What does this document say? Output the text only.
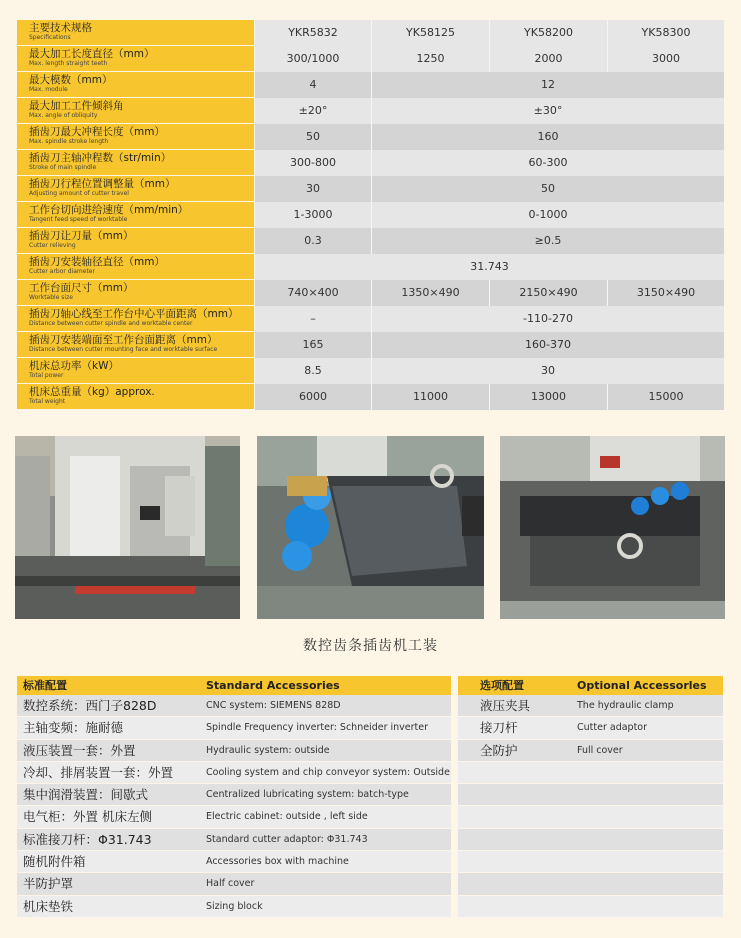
主要技术规格
Specifications	YKR5832	YK58125	YK58200	YK58300
最大加工长度直径（mm）
Max. length straight teeth	300/1000	1250	2000	3000
最大模数（mm）
Max. module	4	12
最大加工工件倾斜角
Max. angle of obliquity	±20°	±30°
插齿刀最大冲程长度（mm）
Max. spindle stroke length	50	160
插齿刀主轴冲程数（str/min）
Stroke of main spindle	300-800	60-300
插齿刀行程位置调整量（mm）
Adjusting amount of cutter travel	30	50
工作台切向进给速度（mm/min）
Tangent feed speed of worktable	1-3000	0-1000
插齿刀让刀量（mm）
Cutter relieving	0.3	≥0.5
插齿刀安装轴径直径（mm）
Cutter arbor diameter	31.743
工作台面尺寸（mm）
Worktable size	740×400	1350×490	2150×490	3150×490
插齿刀轴心线至工作台中心平面距离（mm）
Distance between cutter spindle and worktable center	–	-110-270
插齿刀安装端面至工作台面距离（mm）
Distance between cutter mounting face and worktable surface	165	160-370
机床总功率（kW）
Total power	8.5	30
机床总重量（kg）approx.
Total weight	6000	11000	13000	15000
数控齿条插齿机工装
标准配置	Standard Accessories
数控系统：西门子828D	CNC system: SIEMENS 828D
主轴变频：施耐德	Spindle Frequency inverter: Schneider inverter
液压装置一套：外置	Hydraulic system: outside
冷却、排屑装置一套：外置	Cooling system and chip conveyor system: Outside
集中润滑装置：间歇式	Centralized lubricating system: batch-type
电气柜：外置 机床左侧	Electric cabinet: outside , left side
标准接刀杆：Φ31.743	Standard cutter adaptor: Φ31.743
随机附件箱	Accessories box with machine
半防护罩	Half cover
机床垫铁	Sizing block
选项配置	Optional Accessorles
液压夹具	The hydraulic clamp
接刀杆	Cutter adaptor
全防护	Full cover
